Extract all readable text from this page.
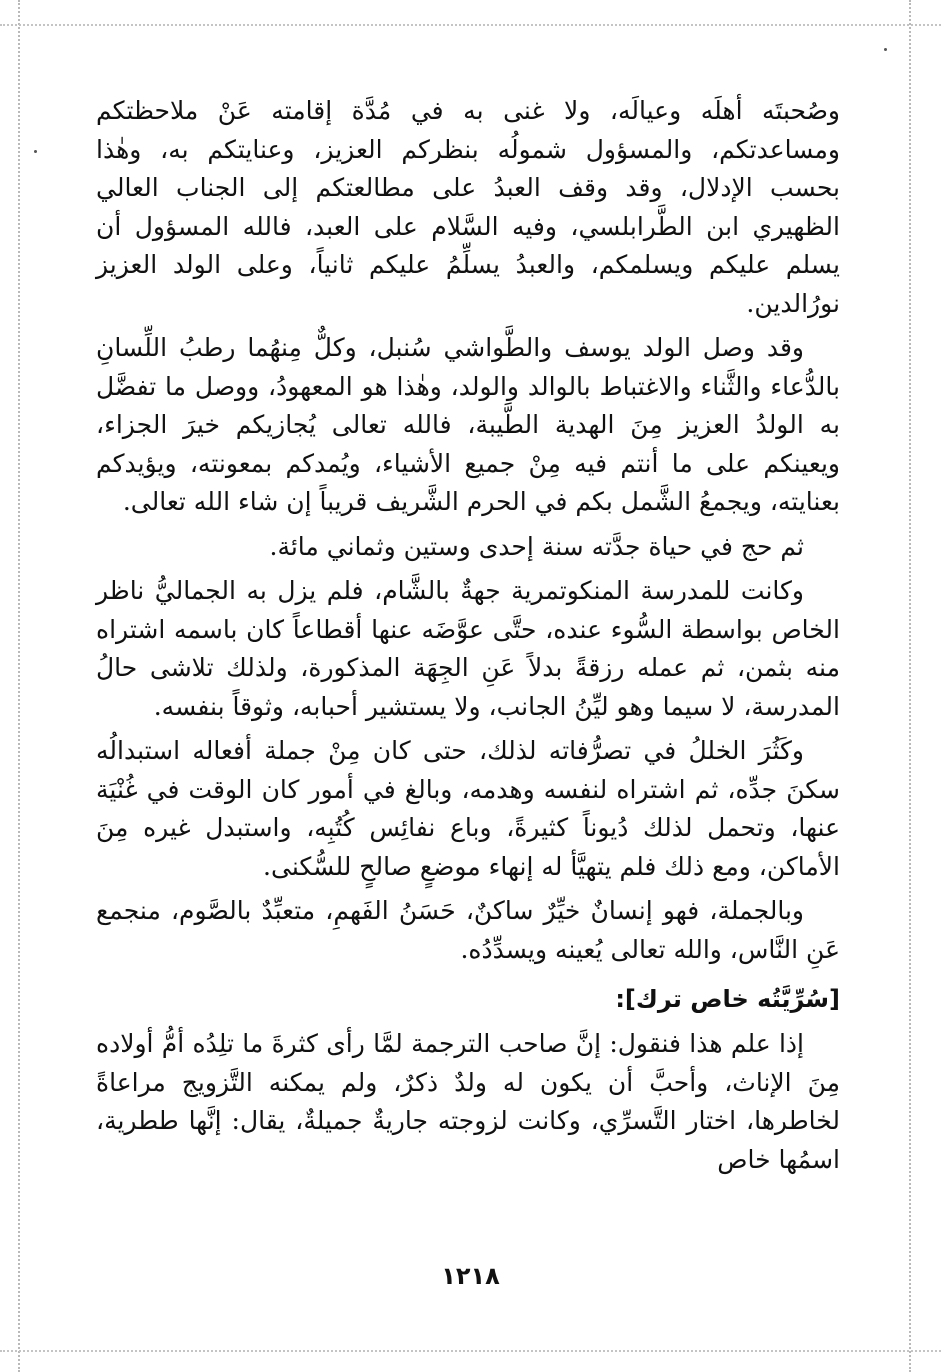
وصُحبتَه أهلَه وعيالَه، ولا غنى به في مُدَّة إقامته عَنْ ملاحظتكم ومساعدتكم، والمسؤول شمولُه بنظركم العزيز، وعنايتكم به، وهٰذا بحسب الإدلال، وقد وقف العبدُ على مطالعتكم إلى الجناب العالي الظهيري ابن الطَّرابلسي، وفيه السَّلام على العبد، فالله المسؤول أن يسلم عليكم ويسلمكم، والعبدُ يسلِّمُ عليكم ثانياً، وعلى الولد العزيز نورُالدين.

وقد وصل الولد يوسف والطَّواشي سُنبل، وكلٌّ مِنهُما رطبُ اللِّسانِ بالدُّعاء والثَّناء والاغتباط بالوالد والولد، وهٰذا هو المعهودُ، ووصل ما تفضَّل به الولدُ العزيز مِنَ الهدية الطَّيبة، فالله تعالى يُجازيكم خيرَ الجزاء، ويعينكم على ما أنتم فيه مِنْ جميع الأشياء، ويُمدكم بمعونته، ويؤيدكم بعنايته، ويجمعُ الشَّمل بكم في الحرم الشَّريف قريباً إن شاء الله تعالى.

ثم حج في حياة جدَّته سنة إحدى وستين وثماني مائة.

وكانت للمدرسة المنكوتمرية جهةٌ بالشَّام، فلم يزل به الجماليُّ ناظر الخاص بواسطة السُّوء عنده، حتَّى عوَّضَه عنها أقطاعاً كان باسمه اشتراه منه بثمن، ثم عمله رزقةً بدلاً عَنِ الجِهَة المذكورة، ولذلك تلاشى حالُ المدرسة، لا سيما وهو ليِّنُ الجانب، ولا يستشير أحبابه، وثوقاً بنفسه.

وكَثُرَ الخللُ في تصرُّفاته لذلك، حتى كان مِنْ جملة أفعاله استبدالُه سكنَ جدِّه، ثم اشتراه لنفسه وهدمه، وبالغ في أمور كان الوقت في غُنْيَة عنها، وتحمل لذلك دُيوناً كثيرةً، وباع نفائِس كُتُبِه، واستبدل غيره مِنَ الأماكن، ومع ذلك فلم يتهيَّأ له إنهاء موضعٍ صالحٍ للسُّكنى.

وبالجملة، فهو إنسانٌ خيِّرٌ ساكنٌ، حَسَنُ الفَهمِ، متعبِّدٌ بالصَّوم، منجمع عَنِ النَّاس، والله تعالى يُعينه ويسدِّدُه.

[سُرِّيَّتُه خاص ترك]:

إذا علم هذا فنقول: إنَّ صاحب الترجمة لمَّا رأى كثرةَ ما تلِدُه أمُّ أولاده مِنَ الإناث، وأحبَّ أن يكون له ولدٌ ذكرٌ، ولم يمكنه التَّزويج مراعاةً لخاطرها، اختار التَّسرِّي، وكانت لزوجته جاريةٌ جميلةٌ، يقال: إنَّها ططرية، اسمُها خاص

١٢١٨
